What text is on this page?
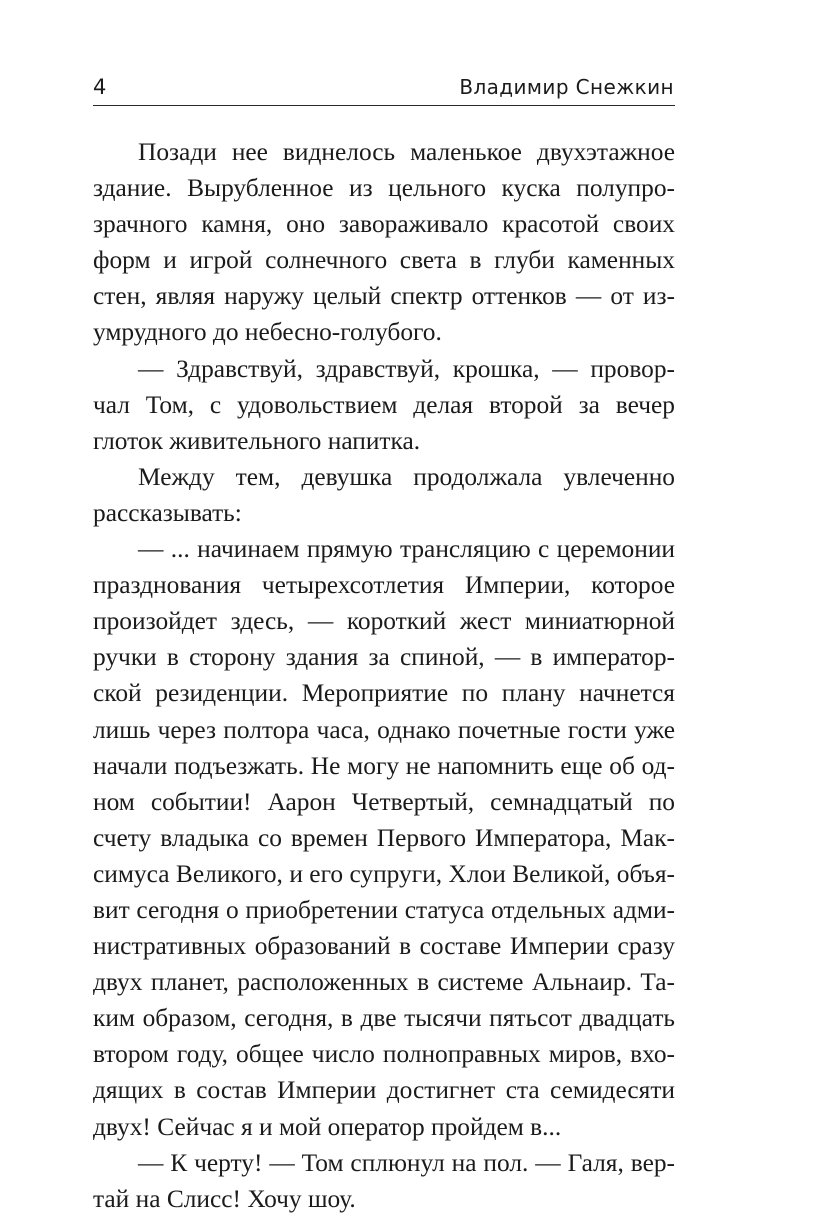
4	Владимир Снежкин

Позади нее виднелось маленькое двухэтажное
здание. Вырубленное из цельного куска полупро-
зрачного камня, оно завораживало красотой своих
форм и игрой солнечного света в глуби каменных
стен, являя наружу целый спектр оттенков — от из-
умрудного до небесно-голубого.

— Здравствуй, здравствуй, крошка, — провор-
чал Том, с удовольствием делая второй за вечер
глоток живительного напитка.

Между тем, девушка продолжала увлеченно
рассказывать:

— ... начинаем прямую трансляцию с церемонии
празднования четырехсотлетия Империи, которое
произойдет здесь, — короткий жест миниатюрной
ручки в сторону здания за спиной, — в император-
ской резиденции. Мероприятие по плану начнется
лишь через полтора часа, однако почетные гости уже
начали подъезжать. Не могу не напомнить еще об од-
ном событии! Аарон Четвертый, семнадцатый по
счету владыка со времен Первого Императора, Мак-
симуса Великого, и его супруги, Хлои Великой, объя-
вит сегодня о приобретении статуса отдельных адми-
нистративных образований в составе Империи сразу
двух планет, расположенных в системе Альнаир. Та-
ким образом, сегодня, в две тысячи пятьсот двадцать
втором году, общее число полноправных миров, вхо-
дящих в состав Империи достигнет ста семидесяти
двух! Сейчас я и мой оператор пройдем в...

— К черту! — Том сплюнул на пол. — Галя, вер-
тай на Слисс! Хочу шоу.
